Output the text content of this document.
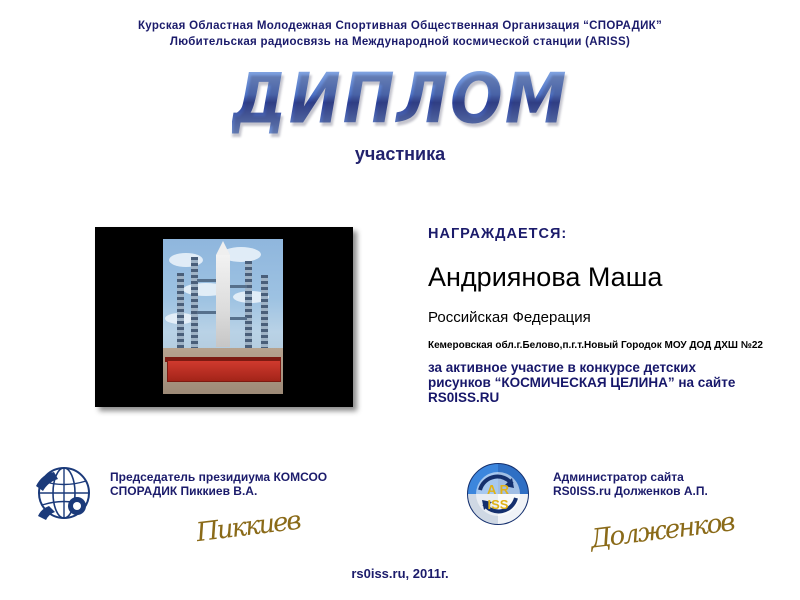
Курская Областная Молодежная Спортивная Общественная Организация “СПОРАДИК”
Любительская радиосвязь на Международной космической станции (ARISS)
ДИПЛОМ
участника
НАГРАЖДАЕТСЯ:
Андриянова Маша
Российская Федерация
Кемеровская обл.г.Белово,п.г.т.Новый Городок МОУ ДОД ДХШ №22
за активное участие в конкурсе детских рисунков “КОСМИЧЕСКАЯ ЦЕЛИНА” на сайте RS0ISS.RU
A R
ISS
Председатель президиума КОМСОО
СПОРАДИК Пиккиев В.А.
Пиккиев
Администратор сайта
RS0ISS.ru Долженков А.П.
Долженков
rs0iss.ru, 2011г.
